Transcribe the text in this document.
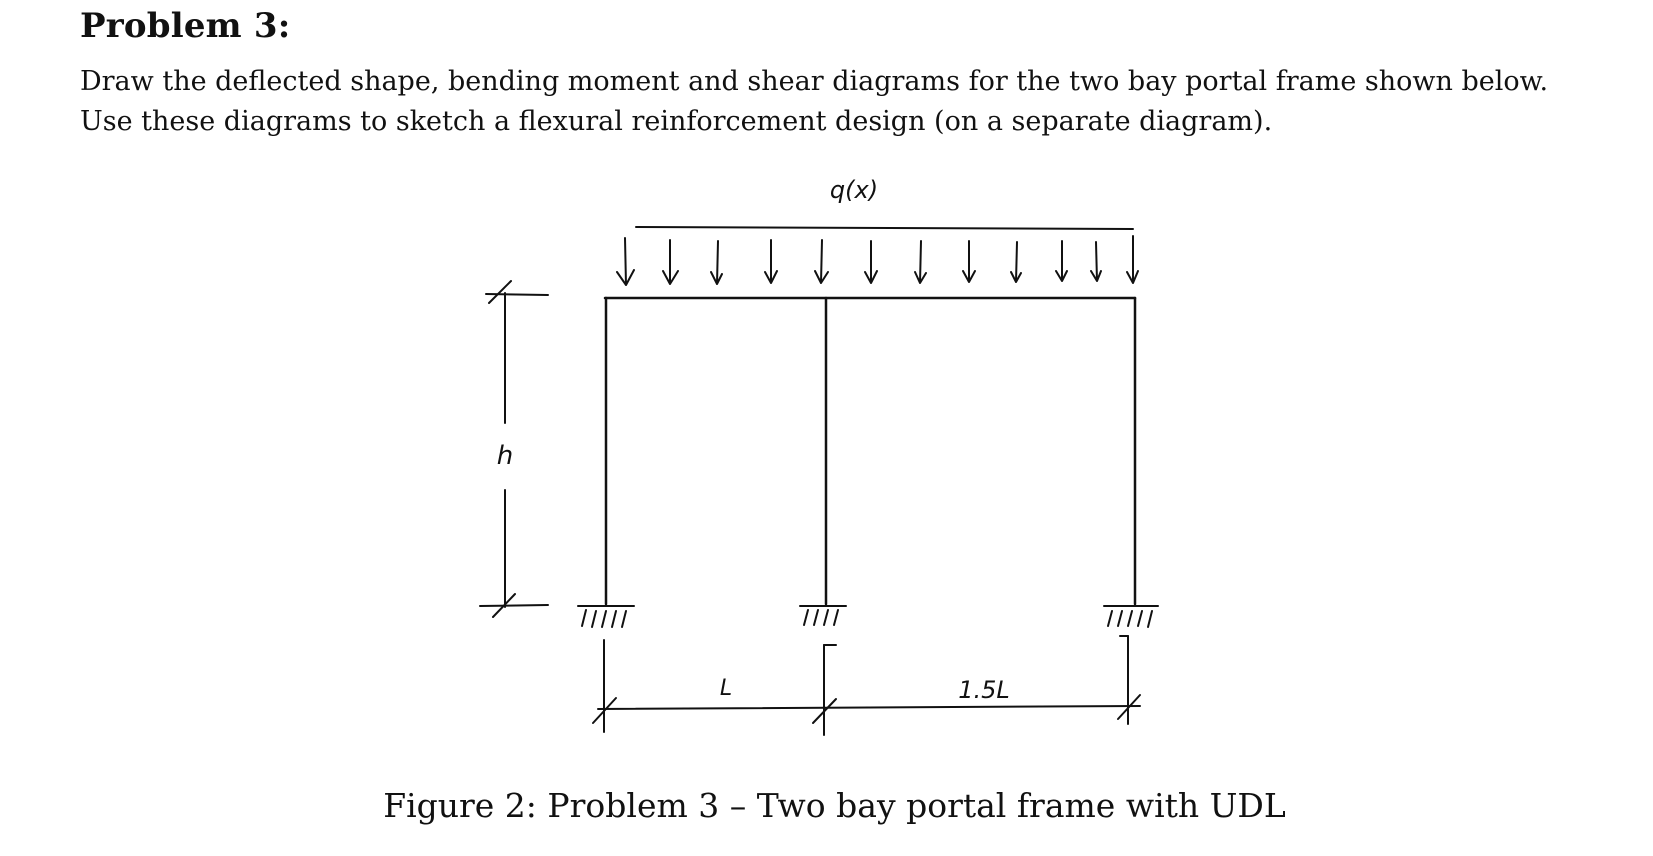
Problem 3:

Draw the deflected shape, bending moment and shear diagrams for the two bay portal frame shown below.

Use these diagrams to sketch a flexural reinforcement design (on a separate diagram).

q(x)
h
L	1.5L
Figure 2: Problem 3 – Two bay portal frame with UDL
